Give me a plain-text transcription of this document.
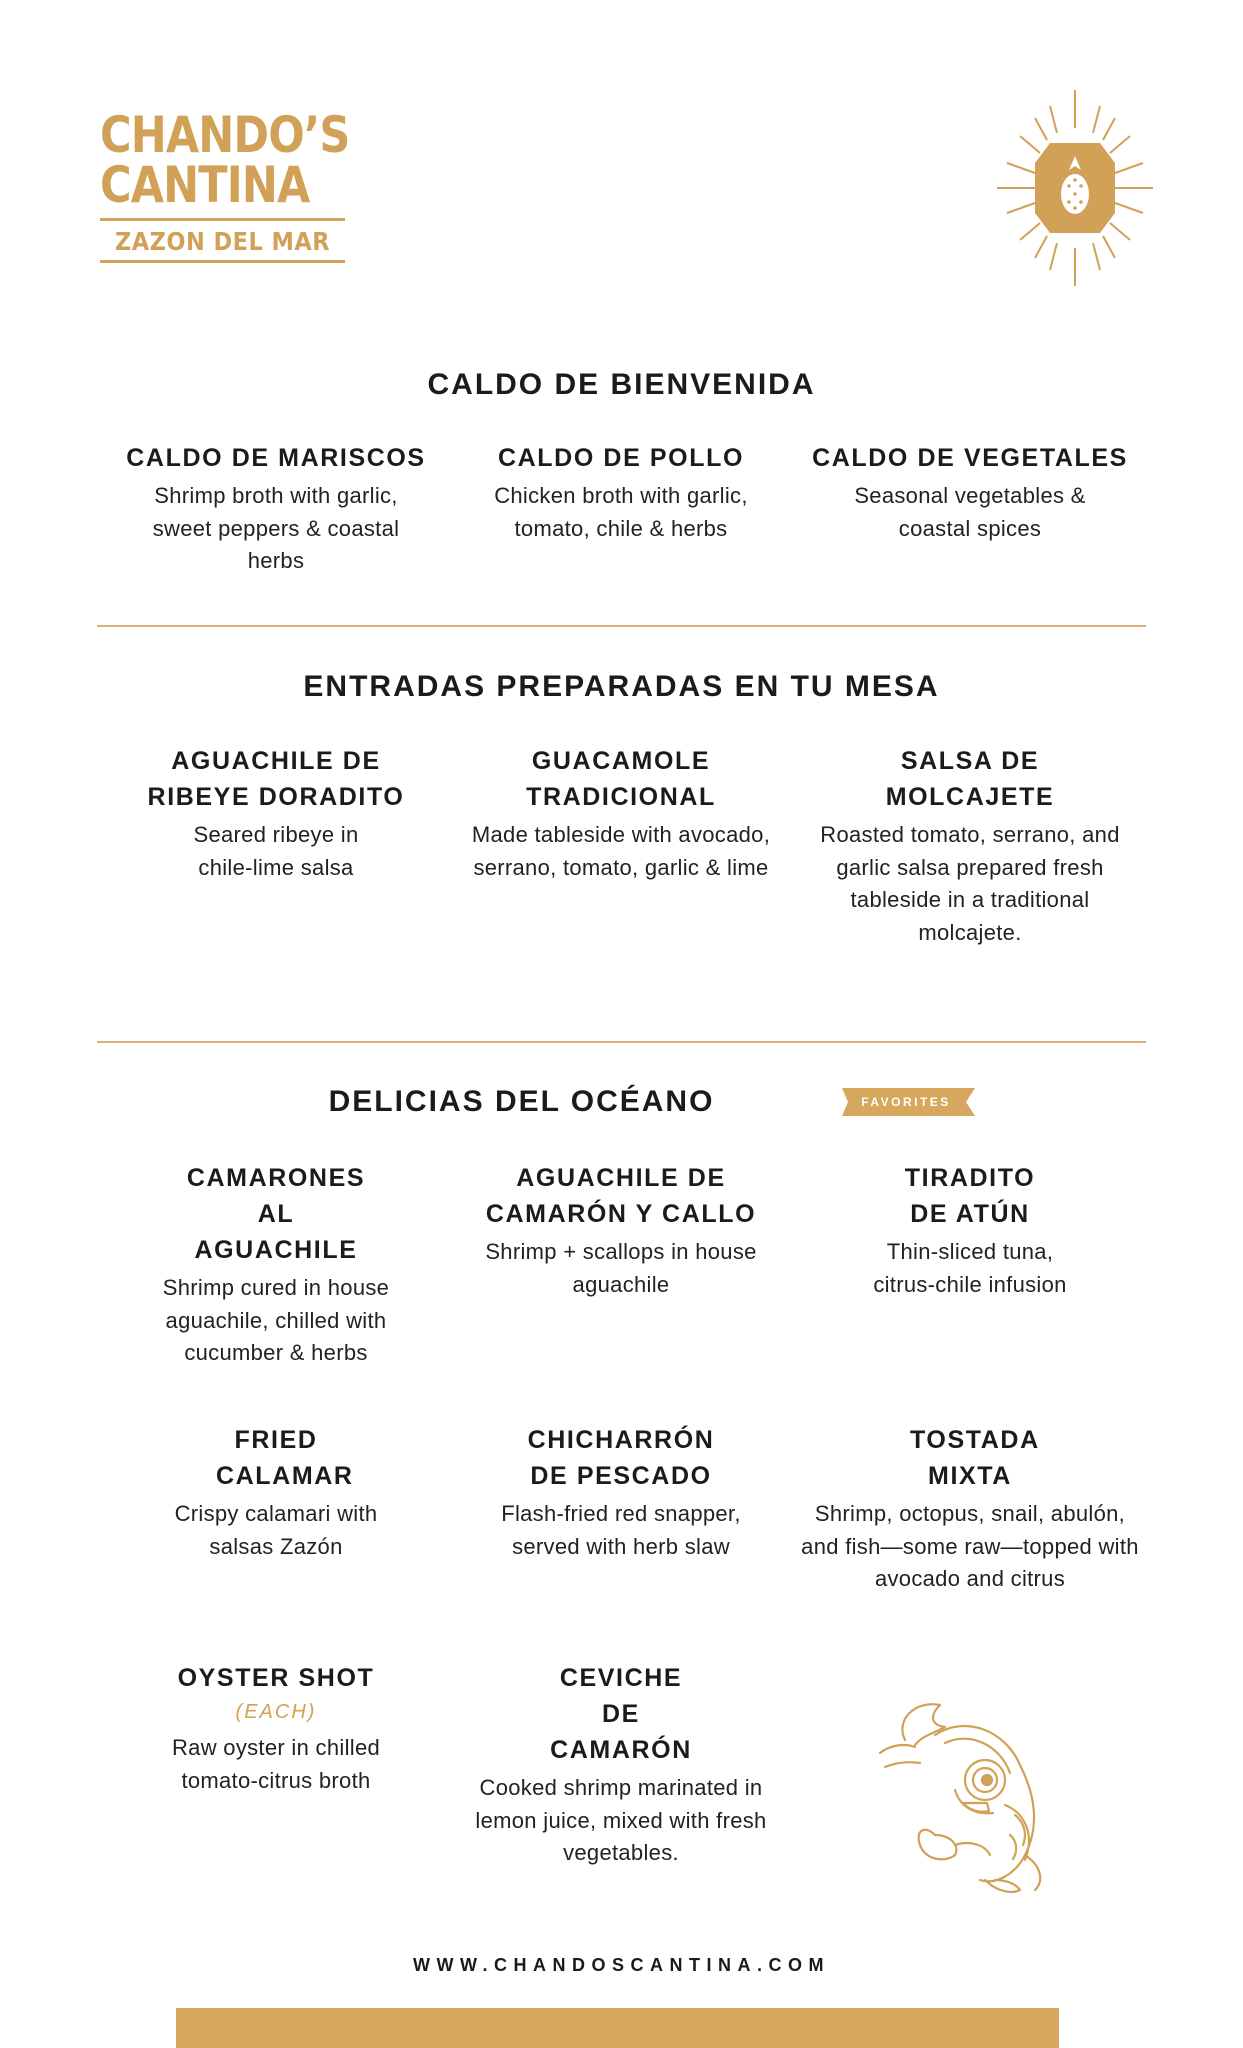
CHANDO’S
CANTINA
ZAZON DEL MAR
CALDO DE BIENVENIDA
CALDO DE MARISCOS
Shrimp broth with garlic, sweet peppers & coastal herbs
CALDO DE POLLO
Chicken broth with garlic, tomato, chile & herbs
CALDO DE VEGETALES
Seasonal vegetables & coastal spices
ENTRADAS PREPARADAS EN TU MESA
AGUACHILE DE RIBEYE DORADITO
Seared ribeye in chile-lime salsa
GUACAMOLE TRADICIONAL
Made tableside with avocado, serrano, tomato, garlic & lime
SALSA DE MOLCAJETE
Roasted tomato, serrano, and garlic salsa prepared fresh tableside in a traditional molcajete.
DELICIAS DEL OCÉANO	FAVORITES
CAMARONES AL AGUACHILE
Shrimp cured in house aguachile, chilled with cucumber & herbs
AGUACHILE DE CAMARÓN Y CALLO
Shrimp + scallops in house aguachile
TIRADITO DE ATÚN
Thin-sliced tuna, citrus-chile infusion
FRIED CALAMAR
Crispy calamari with salsas Zazón
CHICHARRÓN DE PESCADO
Flash-fried red snapper, served with herb slaw
TOSTADA MIXTA
Shrimp, octopus, snail, abulón, and fish—some raw—topped with avocado and citrus
OYSTER SHOT
(EACH)
Raw oyster in chilled tomato-citrus broth
CEVICHE DE CAMARÓN
Cooked shrimp marinated in lemon juice, mixed with fresh vegetables.
WWW.CHANDOSCANTINA.COM
